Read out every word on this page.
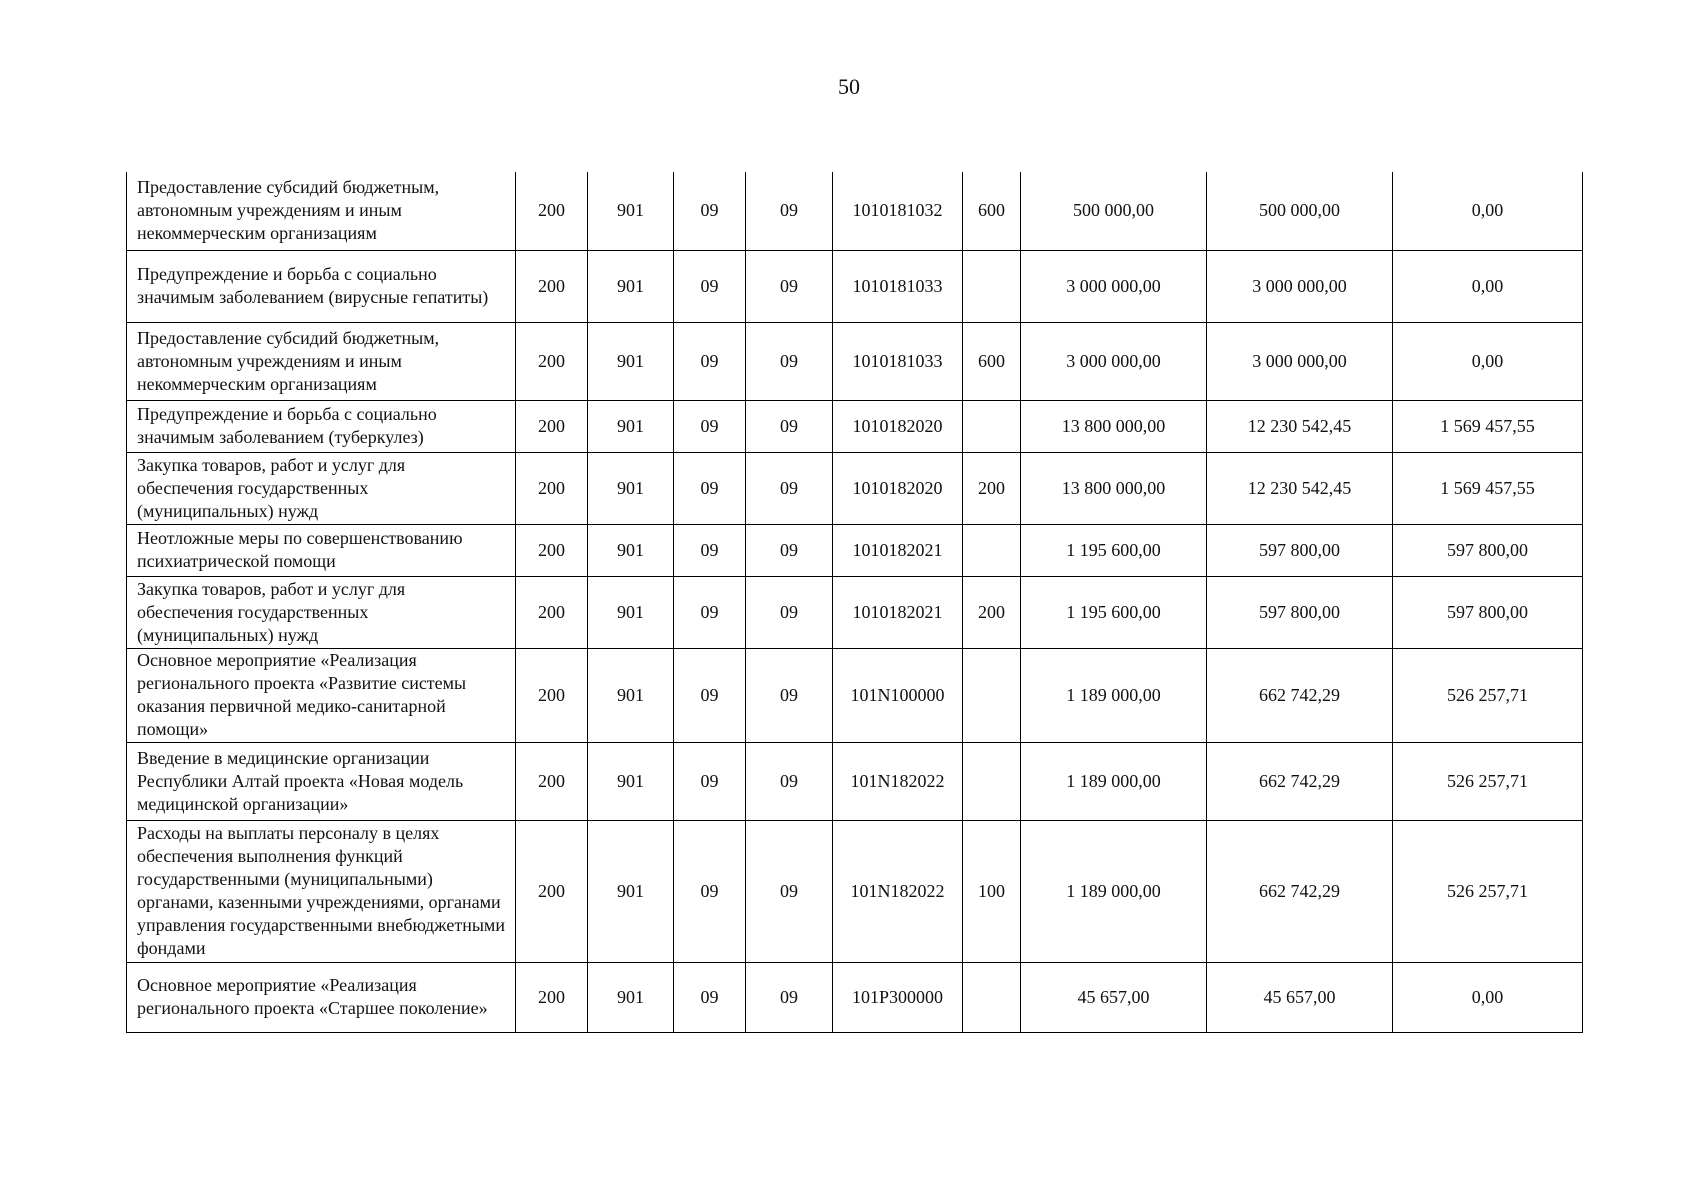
50
Предоставление субсидий бюджетным, автономным учреждениям и иным некоммерческим организациям	200	901	09	09	1010181032	600	500 000,00	500 000,00	0,00
Предупреждение и борьба с социально значимым заболеванием (вирусные гепатиты)	200	901	09	09	1010181033		3 000 000,00	3 000 000,00	0,00
Предоставление субсидий бюджетным, автономным учреждениям и иным некоммерческим организациям	200	901	09	09	1010181033	600	3 000 000,00	3 000 000,00	0,00
Предупреждение и борьба с социально значимым заболеванием (туберкулез)	200	901	09	09	1010182020		13 800 000,00	12 230 542,45	1 569 457,55
Закупка товаров, работ и услуг для обеспечения государственных (муниципальных) нужд	200	901	09	09	1010182020	200	13 800 000,00	12 230 542,45	1 569 457,55
Неотложные меры по совершенствованию психиатрической помощи	200	901	09	09	1010182021		1 195 600,00	597 800,00	597 800,00
Закупка товаров, работ и услуг для обеспечения государственных (муниципальных) нужд	200	901	09	09	1010182021	200	1 195 600,00	597 800,00	597 800,00
Основное мероприятие «Реализация регионального проекта «Развитие системы оказания первичной медико-санитарной помощи»	200	901	09	09	101N100000		1 189 000,00	662 742,29	526 257,71
Введение в медицинские организации Республики Алтай проекта «Новая модель медицинской организации»	200	901	09	09	101N182022		1 189 000,00	662 742,29	526 257,71
Расходы на выплаты персоналу в целях обеспечения выполнения функций государственными (муниципальными) органами, казенными учреждениями, органами управления государственными внебюджетными фондами	200	901	09	09	101N182022	100	1 189 000,00	662 742,29	526 257,71
Основное мероприятие «Реализация регионального проекта «Старшее поколение»	200	901	09	09	101P300000		45 657,00	45 657,00	0,00
